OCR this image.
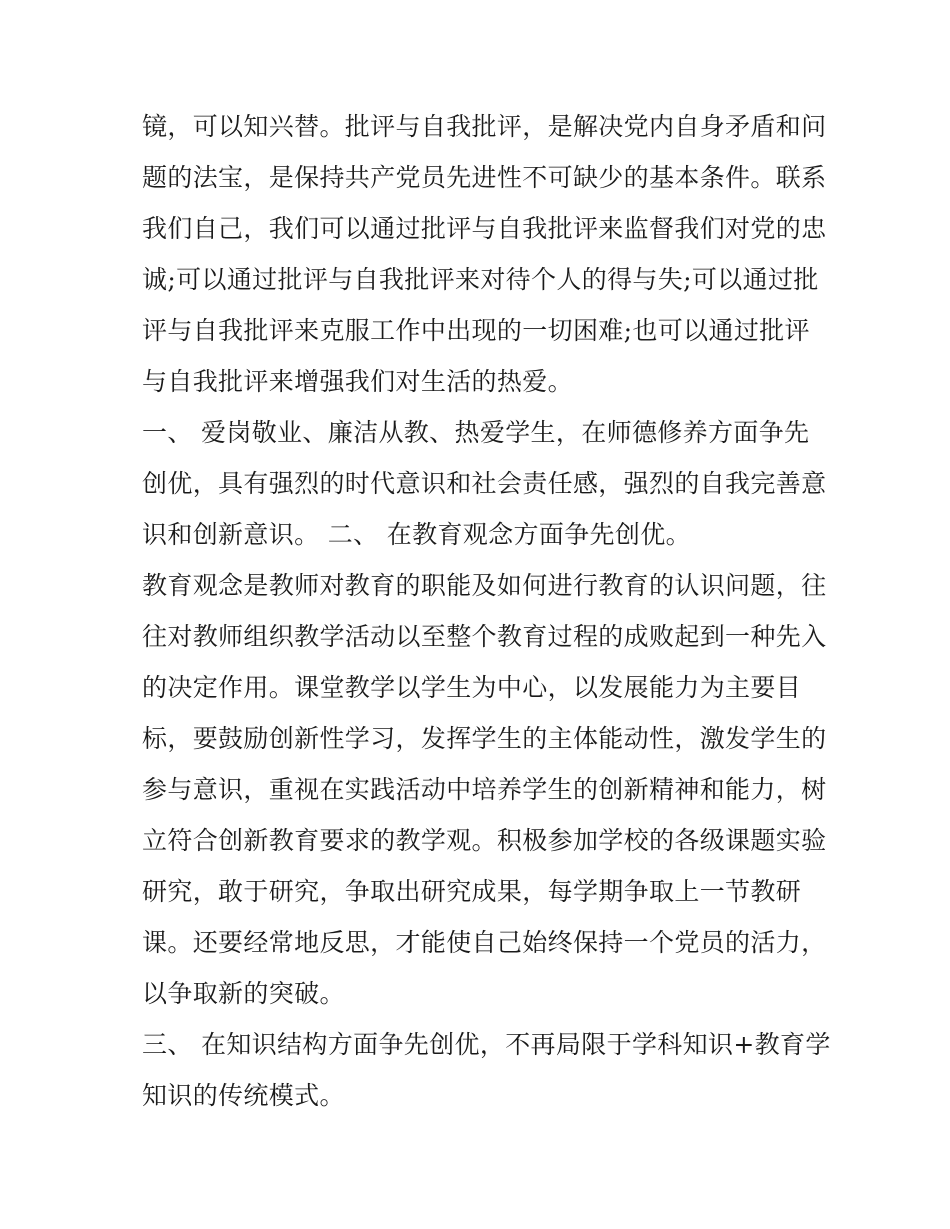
镜，可以知兴替。批评与自我批评，是解决党内自身矛盾和问
题的法宝，是保持共产党员先进性不可缺少的基本条件。联系
我们自己，我们可以通过批评与自我批评来监督我们对党的忠
诚;可以通过批评与自我批评来对待个人的得与失;可以通过批
评与自我批评来克服工作中出现的一切困难;也可以通过批评
与自我批评来增强我们对生活的热爱。
一、 爱岗敬业、廉洁从教、热爱学生，在师德修养方面争先
创优，具有强烈的时代意识和社会责任感，强烈的自我完善意
识和创新意识。 二、 在教育观念方面争先创优。
教育观念是教师对教育的职能及如何进行教育的认识问题，往
往对教师组织教学活动以至整个教育过程的成败起到一种先入
的决定作用。课堂教学以学生为中心，以发展能力为主要目
标，要鼓励创新性学习，发挥学生的主体能动性，激发学生的
参与意识，重视在实践活动中培养学生的创新精神和能力，树
立符合创新教育要求的教学观。积极参加学校的各级课题实验
研究，敢于研究，争取出研究成果，每学期争取上一节教研
课。还要经常地反思，才能使自己始终保持一个党员的活力，
以争取新的突破。
三、 在知识结构方面争先创优，不再局限于学科知识+教育学
知识的传统模式。
